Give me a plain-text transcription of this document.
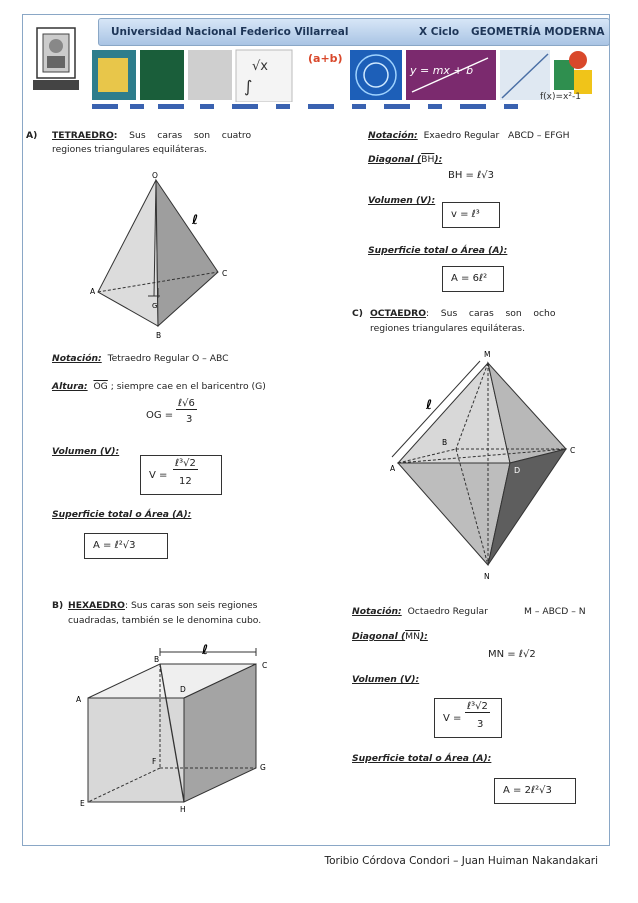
Universidad Nacional Federico Villarreal	X Ciclo GEOMETRÍA MODERNA
√x
∫
(a+b)
y = mx + b
f(x)=x²-1
A) TETRAEDRO: Sus    caras    son    cuatro
regiones triangulares equiláteras.
O
A
B
C
G
ℓ
Notación: Tetraedro Regular O – ABC
Altura: $\overline{OG}$ ; siempre cae en el baricentro (G)
OG =
ℓ√6
3
Volumen (V):
V =
ℓ³√2
12
Superficie total o Área (A):
A = ℓ²√3
B) HEXAEDRO: Sus caras son seis regiones
cuadradas, también se le denomina cubo.
ℓ
A
B
C
D
E
F
G
H
Notación: Exaedro Regular   ABCD – EFGH
Diagonal $(\overline{BH})$:
BH = ℓ√3
Volumen (V):
v = ℓ³
Superficie total o Área (A):
A = 6ℓ²
C) OCTAEDRO:    Sus    caras    son    ocho
regiones triangulares equiláteras.
M
A
B
C
D
N
ℓ
Notación: Octaedro Regular	M – ABCD – N
Diagonal $(\overline{MN})$:
MN = ℓ√2
Volumen (V):
V =
ℓ³√2
3
Superficie total o Área (A):
A = 2ℓ²√3
Toribio Córdova Condori – Juan Huiman Nakandakari
